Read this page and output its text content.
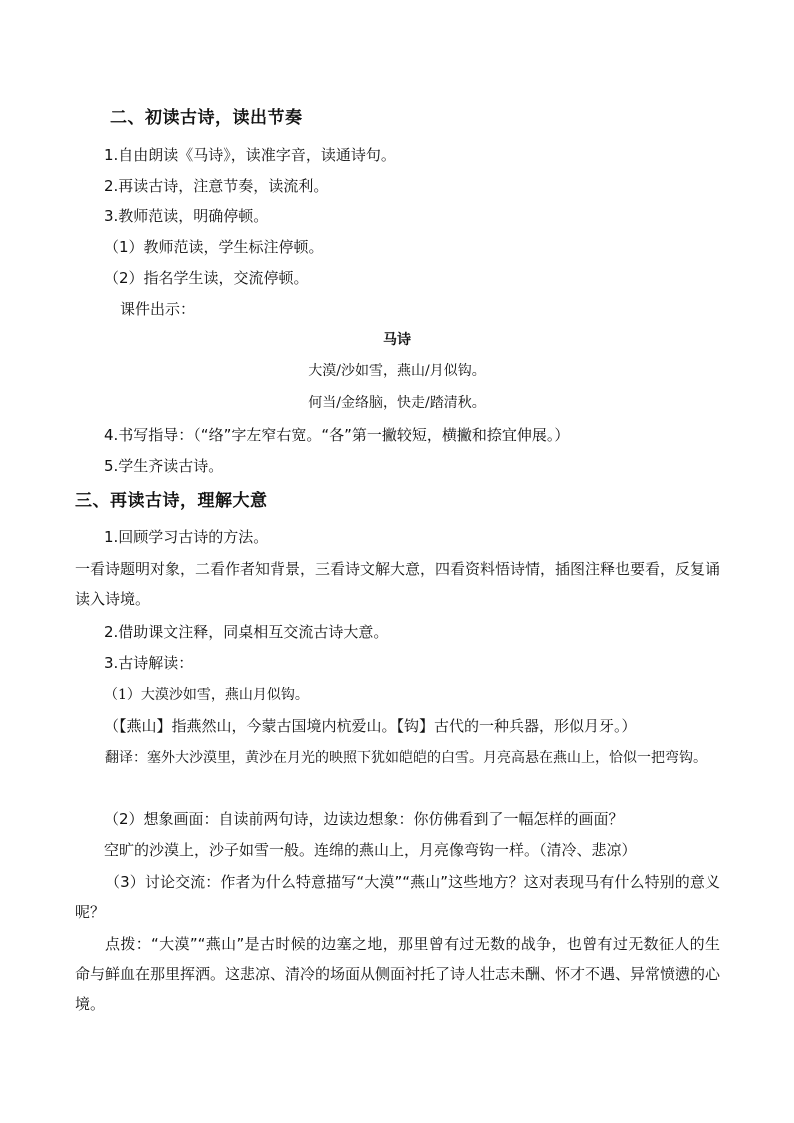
二、初读古诗，读出节奏
1.自由朗读《马诗》，读准字音，读通诗句。
2.再读古诗，注意节奏，读流利。
3.教师范读，明确停顿。
（1）教师范读，学生标注停顿。
（2）指名学生读，交流停顿。
课件出示：
马诗
大漠/沙如雪，燕山/月似钩。
何当/金络脑，快走/踏清秋。
4.书写指导：（“络”字左窄右宽。“各”第一撇较短，横撇和捺宜伸展。）
5.学生齐读古诗。
三、再读古诗，理解大意
1.回顾学习古诗的方法。
一看诗题明对象，二看作者知背景，三看诗文解大意，四看资料悟诗情，插图注释也要看，反复诵读入诗境。
2.借助课文注释，同桌相互交流古诗大意。
3.古诗解读：
（1）大漠沙如雪，燕山月似钩。
（【燕山】指燕然山，今蒙古国境内杭爱山。【钩】古代的一种兵器，形似月牙。）
翻译：塞外大沙漠里，黄沙在月光的映照下犹如皑皑的白雪。月亮高悬在燕山上，恰似一把弯钩。
（2）想象画面：自读前两句诗，边读边想象：你仿佛看到了一幅怎样的画面？
空旷的沙漠上，沙子如雪一般。连绵的燕山上，月亮像弯钩一样。（清冷、悲凉）
（3）讨论交流：作者为什么特意描写“大漠”“燕山”这些地方？这对表现马有什么特别的意义呢？
点拨：“大漠”“燕山”是古时候的边塞之地，那里曾有过无数的战争，也曾有过无数征人的生命与鲜血在那里挥洒。这悲凉、清冷的场面从侧面衬托了诗人壮志未酬、怀才不遇、异常愤懑的心境。
